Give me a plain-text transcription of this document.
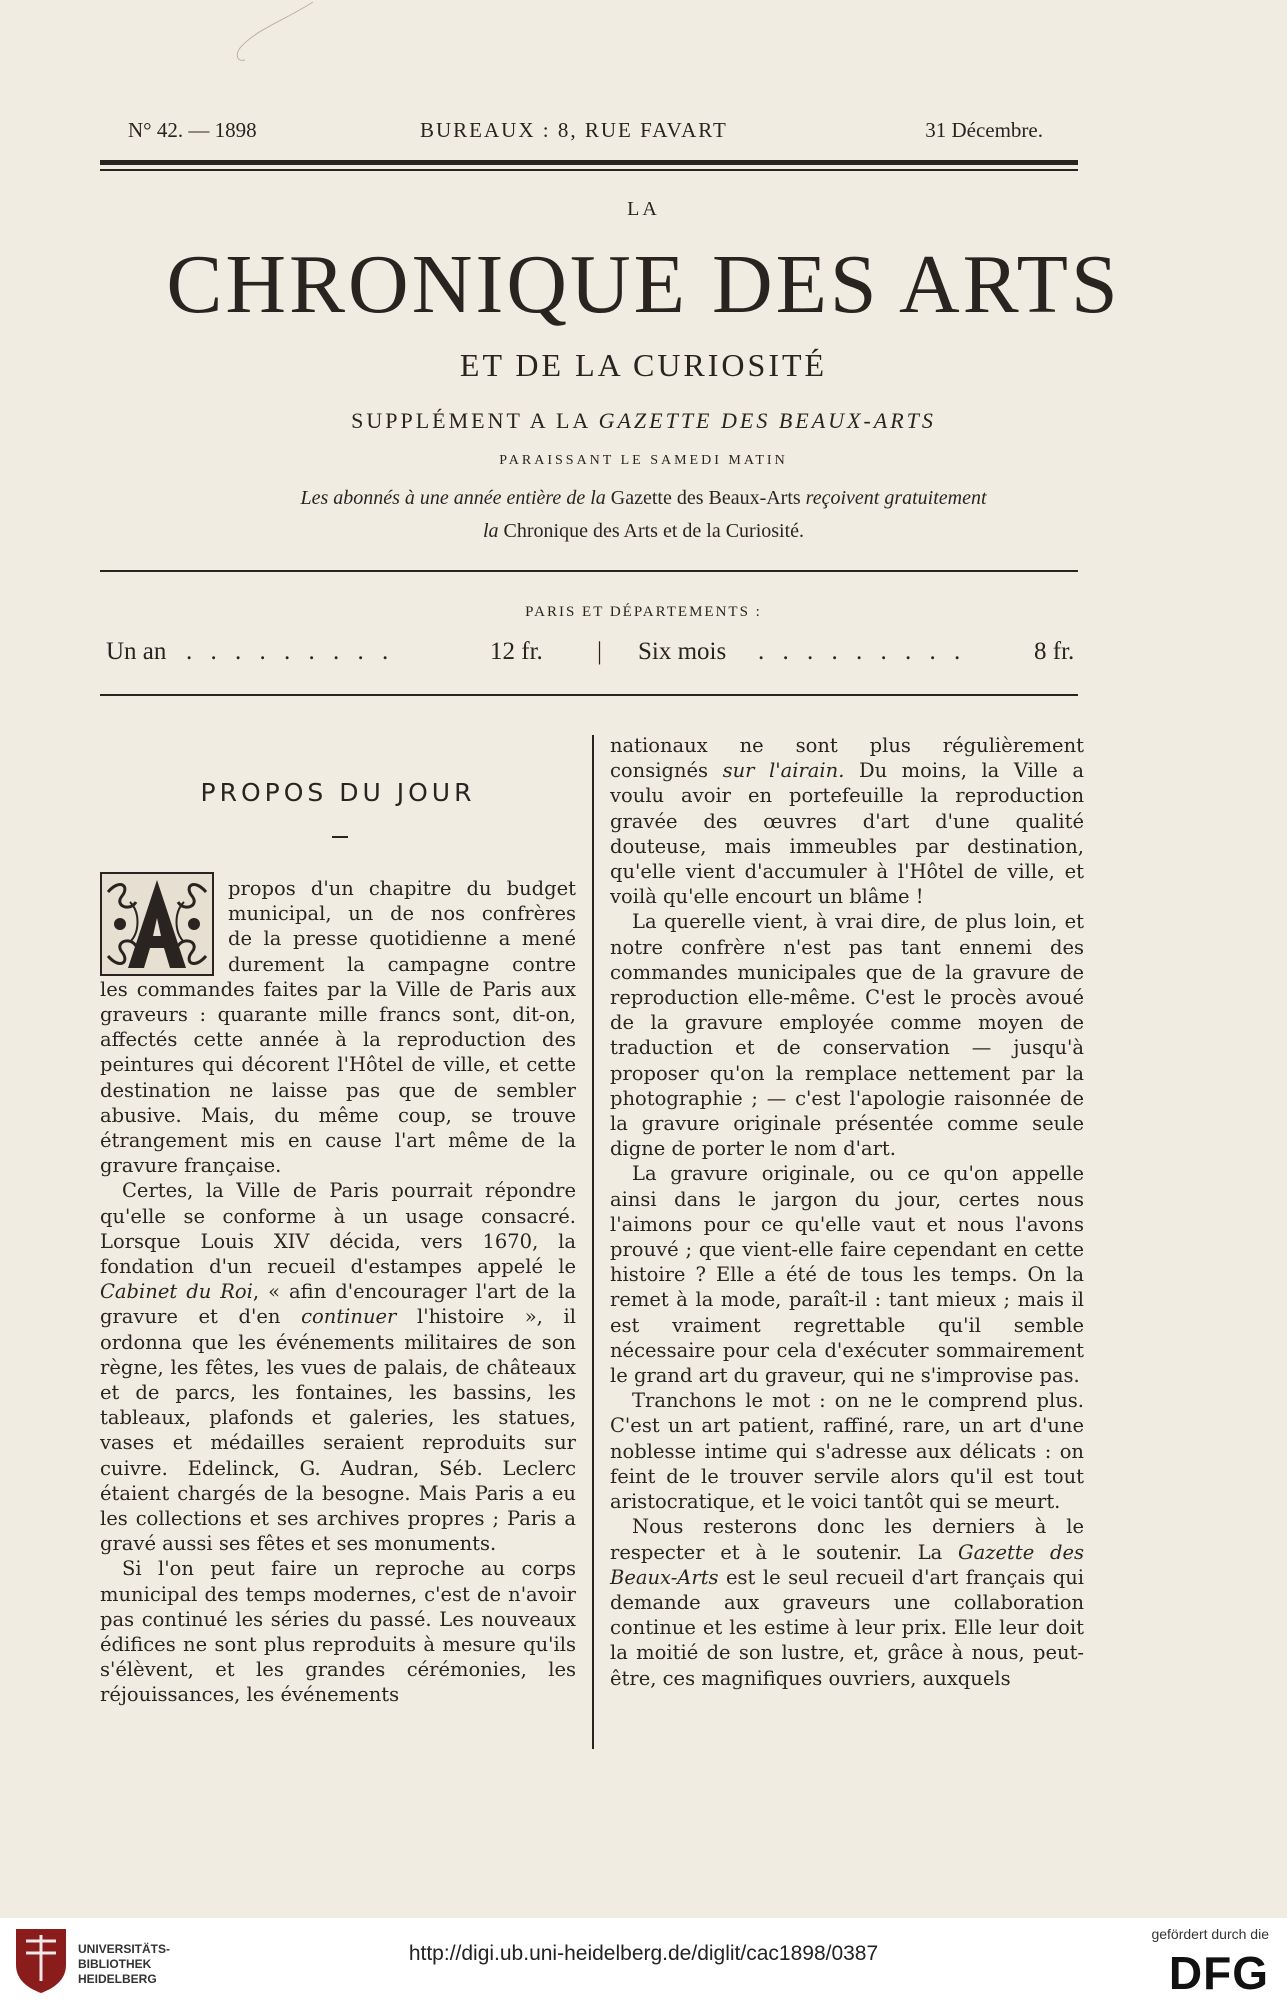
N° 42. — 1898	BUREAUX : 8, RUE FAVART	31 Décembre.
LA
CHRONIQUE DES ARTS
ET DE LA CURIOSITÉ
SUPPLÉMENT A LA GAZETTE DES BEAUX-ARTS
PARAISSANT LE SAMEDI MATIN
Les abonnés à une année entière de la Gazette des Beaux-Arts reçoivent gratuitement
la Chronique des Arts et de la Curiosité.
PARIS ET DÉPARTEMENTS :
Un an . . . . . . . . .	12 fr. | Six mois . . . . . . . . .	8 fr.
PROPOS DU JOUR
propos d'un chapitre du budget
municipal, un de nos confrères
de la presse quotidienne a mené
durement la campagne contre

les commandes faites par la Ville de Paris aux graveurs : quarante mille francs sont, dit-on, affectés cette année à la reproduction des peintures qui décorent l'Hôtel de ville, et cette destination ne laisse pas que de sembler abusive. Mais, du même coup, se trouve étrangement mis en cause l'art même de la gravure française.

Certes, la Ville de Paris pourrait répondre qu'elle se conforme à un usage consacré. Lorsque Louis XIV décida, vers 1670, la fondation d'un recueil d'estampes appelé le Cabinet du Roi, « afin d'encourager l'art de la gravure et d'en continuer l'histoire », il ordonna que les événements militaires de son règne, les fêtes, les vues de palais, de châteaux et de parcs, les fontaines, les bassins, les tableaux, plafonds et galeries, les statues, vases et médailles seraient reproduits sur cuivre. Edelinck, G. Audran, Séb. Leclerc étaient chargés de la besogne. Mais Paris a eu les collections et ses archives propres ; Paris a gravé aussi ses fêtes et ses monuments.

Si l'on peut faire un reproche au corps municipal des temps modernes, c'est de n'avoir pas continué les séries du passé. Les nouveaux édifices ne sont plus reproduits à mesure qu'ils s'élèvent, et les grandes cérémonies, les réjouissances, les événements

nationaux ne sont plus régulièrement consignés sur l'airain. Du moins, la Ville a voulu avoir en portefeuille la reproduction gravée des œuvres d'art d'une qualité douteuse, mais immeubles par destination, qu'elle vient d'accumuler à l'Hôtel de ville, et voilà qu'elle encourt un blâme !

La querelle vient, à vrai dire, de plus loin, et notre confrère n'est pas tant ennemi des commandes municipales que de la gravure de reproduction elle-même. C'est le procès avoué de la gravure employée comme moyen de traduction et de conservation — jusqu'à proposer qu'on la remplace nettement par la photographie ; — c'est l'apologie raisonnée de la gravure originale présentée comme seule digne de porter le nom d'art.

La gravure originale, ou ce qu'on appelle ainsi dans le jargon du jour, certes nous l'aimons pour ce qu'elle vaut et nous l'avons prouvé ; que vient-elle faire cependant en cette histoire ? Elle a été de tous les temps. On la remet à la mode, paraît-il : tant mieux ; mais il est vraiment regrettable qu'il semble nécessaire pour cela d'exécuter sommairement le grand art du graveur, qui ne s'improvise pas.

Tranchons le mot : on ne le comprend plus. C'est un art patient, raffiné, rare, un art d'une noblesse intime qui s'adresse aux délicats : on feint de le trouver servile alors qu'il est tout aristocratique, et le voici tantôt qui se meurt.

Nous resterons donc les derniers à le respecter et à le soutenir. La Gazette des Beaux-Arts est le seul recueil d'art français qui demande aux graveurs une collaboration continue et les estime à leur prix. Elle leur doit la moitié de son lustre, et, grâce à nous, peut-être, ces magnifiques ouvriers, auxquels

UNIVERSITÄTS-
BIBLIOTHEK
HEIDELBERG
http://digi.ub.uni-heidelberg.de/diglit/cac1898/0387
gefördert durch die
DFG
